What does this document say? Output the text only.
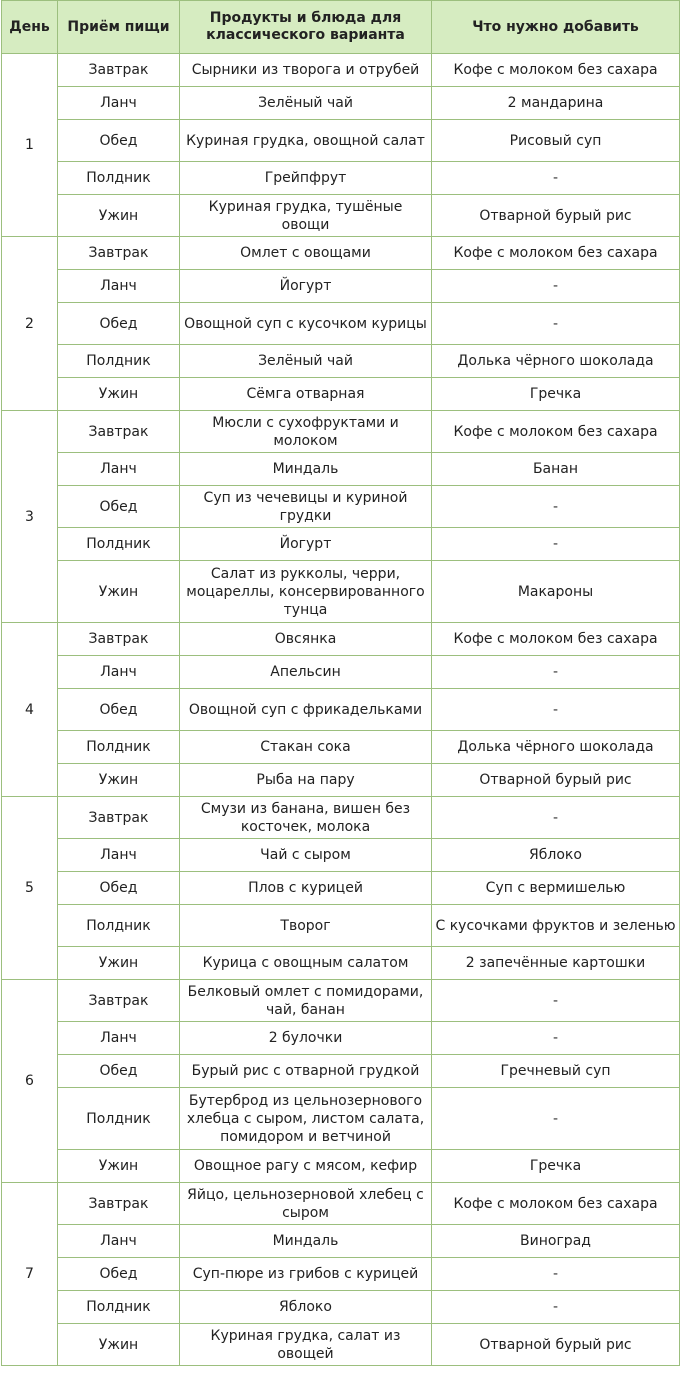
День	Приём пищи	Продукты и блюда для классического варианта	Что нужно добавить
1	Завтрак	Сырники из творога и отрубей	Кофе с молоком без сахара
	Ланч	Зелёный чай	2 мандарина
	Обед	Куриная грудка, овощной салат	Рисовый суп
	Полдник	Грейпфрут	-
	Ужин	Куриная грудка, тушёные овощи	Отварной бурый рис
2	Завтрак	Омлет с овощами	Кофе с молоком без сахара
	Ланч	Йогурт	-
	Обед	Овощной суп с кусочком курицы	-
	Полдник	Зелёный чай	Долька чёрного шоколада
	Ужин	Сёмга отварная	Гречка
3	Завтрак	Мюсли с сухофруктами и молоком	Кофе с молоком без сахара
	Ланч	Миндаль	Банан
	Обед	Суп из чечевицы и куриной грудки	-
	Полдник	Йогурт	-
	Ужин	Салат из рукколы, черри, моцареллы, консервированного тунца	Макароны
4	Завтрак	Овсянка	Кофе с молоком без сахара
	Ланч	Апельсин	-
	Обед	Овощной суп с фрикадельками	-
	Полдник	Стакан сока	Долька чёрного шоколада
	Ужин	Рыба на пару	Отварной бурый рис
5	Завтрак	Смузи из банана, вишен без косточек, молока	-
	Ланч	Чай с сыром	Яблоко
	Обед	Плов с курицей	Суп с вермишелью
	Полдник	Творог	С кусочками фруктов и зеленью
	Ужин	Курица с овощным салатом	2 запечённые картошки
6	Завтрак	Белковый омлет с помидорами, чай, банан	-
	Ланч	2 булочки	-
	Обед	Бурый рис с отварной грудкой	Гречневый суп
	Полдник	Бутерброд из цельнозернового хлебца с сыром, листом салата, помидором и ветчиной	-
	Ужин	Овощное рагу с мясом, кефир	Гречка
7	Завтрак	Яйцо, цельнозерновой хлебец с сыром	Кофе с молоком без сахара
	Ланч	Миндаль	Виноград
	Обед	Суп-пюре из грибов с курицей	-
	Полдник	Яблоко	-
	Ужин	Куриная грудка, салат из овощей	Отварной бурый рис
